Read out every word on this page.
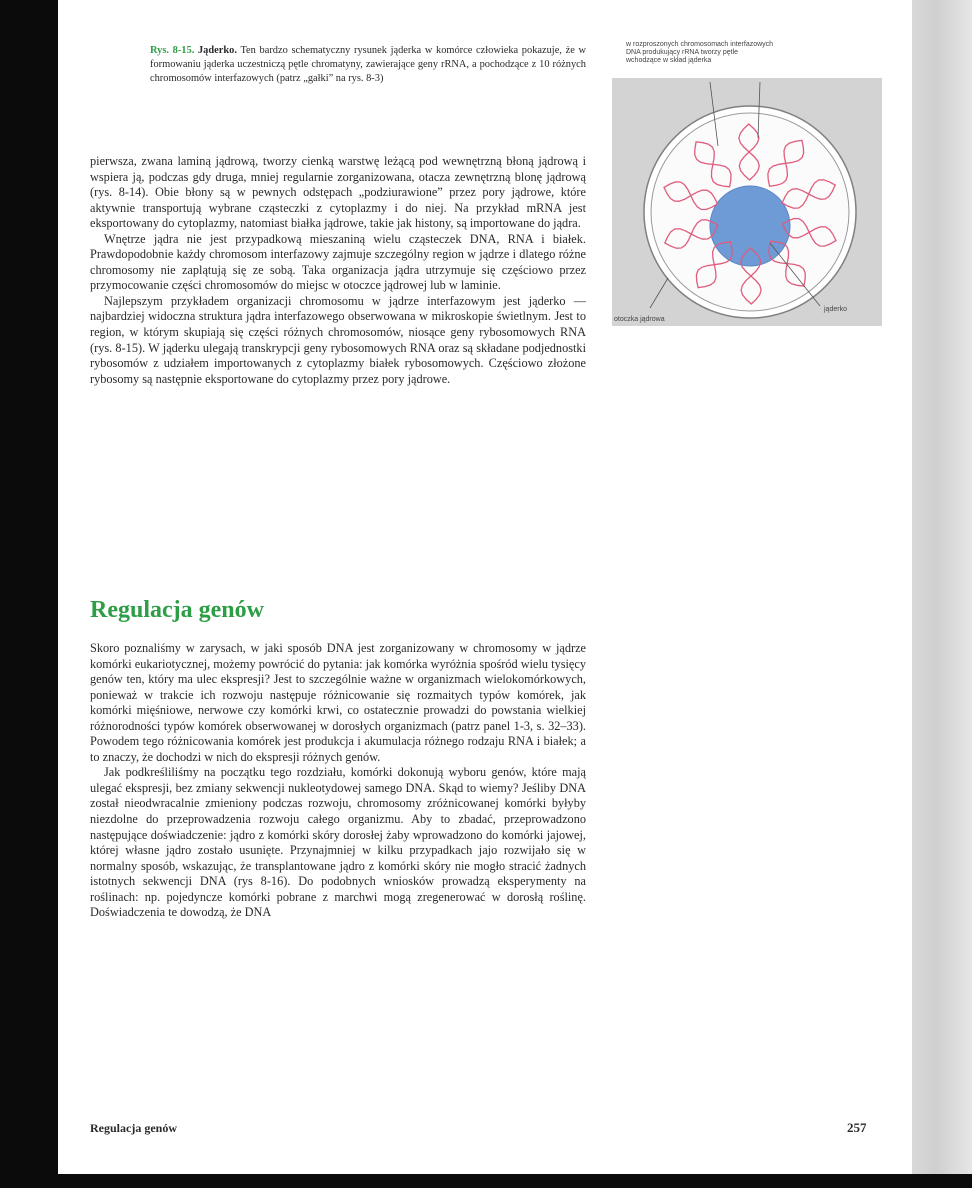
Rys. 8-15. Jąderko. Ten bardzo schematyczny rysunek jąderka w komórce człowieka pokazuje, że w formowaniu jąderka uczestniczą pętle chromatyny, zawierające geny rRNA, a pochodzące z 10 różnych chromosomów interfazowych (patrz „gałki” na rys. 8-3)
w rozproszonych chromosomach interfazowych
DNA produkujący rRNA tworzy pętle
wchodzące w skład jąderka
otoczka jądrowa
jąderko

pierwsza, zwana laminą jądrową, tworzy cienką warstwę leżącą pod wewnętrzną błoną jądrową i wspiera ją, podczas gdy druga, mniej regularnie zorganizowana, otacza zewnętrzną blonę jądrową (rys. 8-14). Obie błony są w pewnych odstępach „podziurawione” przez pory jądrowe, które aktywnie transportują wybrane cząsteczki z cytoplazmy i do niej. Na przykład mRNA jest eksportowany do cytoplazmy, natomiast białka jądrowe, takie jak histony, są importowane do jądra.

Wnętrze jądra nie jest przypadkową mieszaniną wielu cząsteczek DNA, RNA i białek. Prawdopodobnie każdy chromosom interfazowy zajmuje szczególny region w jądrze i dlatego różne chromosomy nie zaplątują się ze sobą. Taka organizacja jądra utrzymuje się częściowo przez przymocowanie części chromosomów do miejsc w otoczce jądrowej lub w laminie.

Najlepszym przykładem organizacji chromosomu w jądrze interfazowym jest jąderko — najbardziej widoczna struktura jądra interfazowego obserwowana w mikroskopie świetlnym. Jest to region, w którym skupiają się części różnych chromosomów, niosące geny rybosomowych RNA (rys. 8-15). W jąderku ulegają transkrypcji geny rybosomowych RNA oraz są składane podjednostki rybosomów z udziałem importowanych z cytoplazmy białek rybosomowych. Częściowo złożone rybosomy są następnie eksportowane do cytoplazmy przez pory jądrowe.

Regulacja genów

Skoro poznaliśmy w zarysach, w jaki sposób DNA jest zorganizowany w chromosomy w jądrze komórki eukariotycznej, możemy powrócić do pytania: jak komórka wyróżnia spośród wielu tysięcy genów ten, który ma ulec ekspresji? Jest to szczególnie ważne w organizmach wielokomórkowych, ponieważ w trakcie ich rozwoju następuje różnicowanie się rozmaitych typów komórek, jak komórki mięśniowe, nerwowe czy komórki krwi, co ostatecznie prowadzi do powstania wielkiej różnorodności typów komórek obserwowanej w dorosłych organizmach (patrz panel 1-3, s. 32–33). Powodem tego różnicowania komórek jest produkcja i akumulacja różnego rodzaju RNA i białek; a to znaczy, że dochodzi w nich do ekspresji różnych genów.

Jak podkreśliliśmy na początku tego rozdziału, komórki dokonują wyboru genów, które mają ulegać ekspresji, bez zmiany sekwencji nukleotydowej samego DNA. Skąd to wiemy? Jeśliby DNA został nieodwracalnie zmieniony podczas rozwoju, chromosomy zróżnicowanej komórki byłyby niezdolne do przeprowadzenia rozwoju całego organizmu. Aby to zbadać, przeprowadzono następujące doświadczenie: jądro z komórki skóry dorosłej żaby wprowadzono do komórki jajowej, której własne jądro zostało usunięte. Przynajmniej w kilku przypadkach jajo rozwijało się w normalny sposób, wskazując, że transplantowane jądro z komórki skóry nie mogło stracić żadnych istotnych sekwencji DNA (rys 8-16). Do podobnych wniosków prowadzą eksperymenty na roślinach: np. pojedyncze komórki pobrane z marchwi mogą zregenerować w dorosłą roślinę. Doświadczenia te dowodzą, że DNA

Regulacja genów	257
